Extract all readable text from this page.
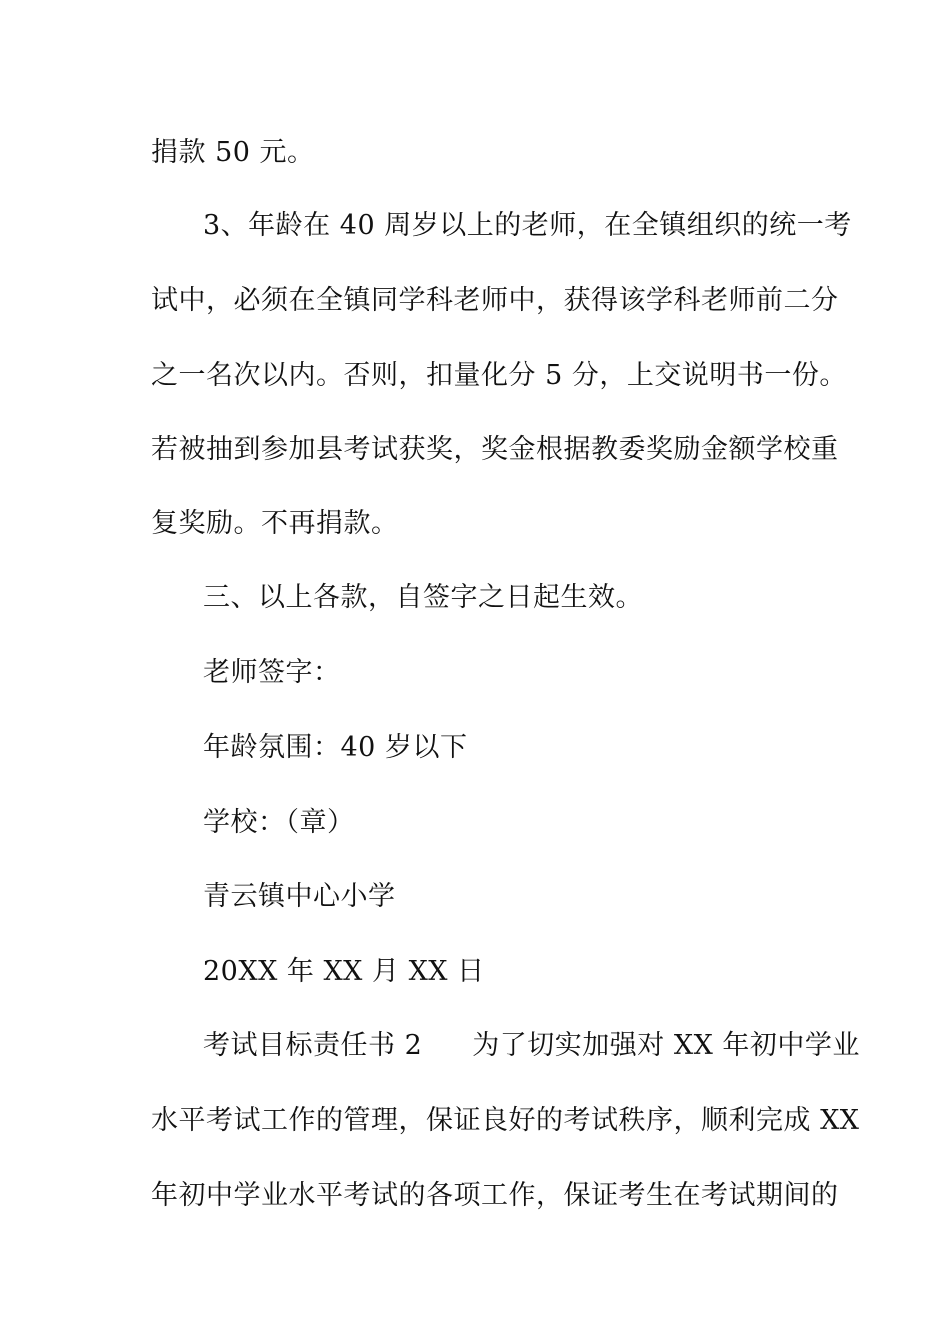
捐款 50 元。
3、年龄在 40 周岁以上的老师，在全镇组织的统一考
试中，必须在全镇同学科老师中，获得该学科老师前二分
之一名次以内。否则，扣量化分 5 分，上交说明书一份。
若被抽到参加县考试获奖，奖金根据教委奖励金额学校重
复奖励。不再捐款。
三、以上各款，自签字之日起生效。
老师签字：
年龄氛围：40 岁以下
学校：（章）
青云镇中心小学
20XX 年 XX 月 XX 日
考试目标责任书 2 为了切实加强对 XX 年初中学业
水平考试工作的管理，保证良好的考试秩序，顺利完成 XX
年初中学业水平考试的各项工作，保证考生在考试期间的
